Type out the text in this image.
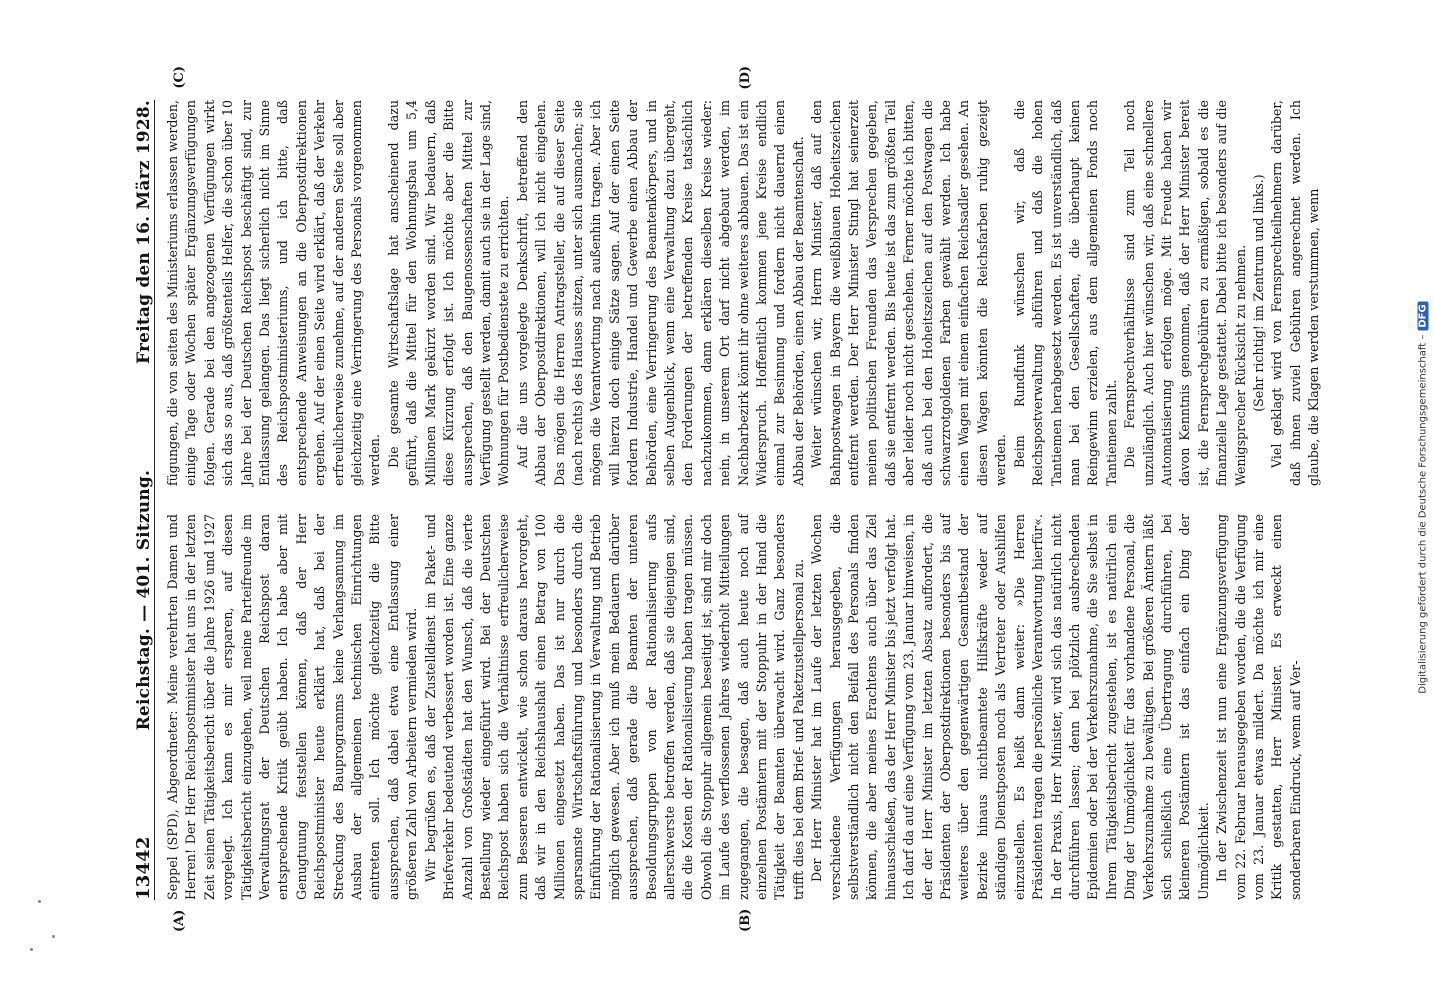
13442
Reichstag. — 401. Sitzung.
Freitag den 16. März 1928.
(A)	(B)
(C)	(D)

Seppel (SPD), Abgeordneter: Meine verehrten Damen und Herren! Der Herr Reichspostminister hat uns in der letzten Zeit seinen Tätigkeitsbericht über die Jahre 1926 und 1927 vorgelegt. Ich kann es mir ersparen, auf diesen Tätigkeitsbericht einzugehen, weil meine Parteifreunde im Verwaltungsrat der Deutschen Reichspost daran entsprechende Kritik geübt haben. Ich habe aber mit Genugtuung feststellen können, daß der Herr Reichspostminister heute erklärt hat, daß bei der Streckung des Bauprogramms keine Verlangsamung im Ausbau der allgemeinen technischen Einrichtungen eintreten soll. Ich möchte gleichzeitig die Bitte aussprechen, daß dabei etwa eine Entlassung einer größeren Zahl von Arbeitern vermieden wird. Wir begrüßen es, daß der Zustelldienst im Paket- und Briefverkehr bedeutend verbessert worden ist. Eine ganze Anzahl von Großstädten hat den Wunsch, daß die vierte Bestellung wieder eingeführt wird. Bei der Deutschen Reichspost haben sich die Verhältnisse erfreulicherweise zum Besseren entwickelt, wie schon daraus hervorgeht, daß wir in den Reichshaushalt einen Betrag von 100 Millionen eingesetzt haben. Das ist nur durch die sparsamste Wirtschaftsführung und besonders durch die Einführung der Rationalisierung in Verwaltung und Betrieb möglich gewesen. Aber ich muß mein Bedauern darüber aussprechen, daß gerade die Beamten der unteren Besoldungsgruppen von der Rationalisierung aufs allerschwerste betroffen werden, daß sie diejenigen sind, die die Kosten der Rationalisierung haben tragen müssen. Obwohl die Stoppuhr allgemein beseitigt ist, sind mir doch im Laufe des verflossenen Jahres wiederholt Mitteilungen zugegangen, die besagen, daß auch heute noch auf einzelnen Postämtern mit der Stoppuhr in der Hand die Tätigkeit der Beamten überwacht wird. Ganz besonders trifft dies bei dem Brief- und Paketzustellpersonal zu. Der Herr Minister hat im Laufe der letzten Wochen verschiedene Verfügungen herausgegeben, die selbstverständlich nicht den Beifall des Personals finden können, die aber meines Erachtens auch über das Ziel hinausschießen, das der Herr Minister bis jetzt verfolgt hat. Ich darf da auf eine Verfügung vom 23. Januar hinweisen, in der der Herr Minister im letzten Absatz auffordert, die Präsidenten der Oberpostdirektionen besonders bis auf weiteres über den gegenwärtigen Gesamtbestand der Bezirke hinaus nichtbeamtete Hilfskräfte weder auf ständigen Dienstposten noch als Vertreter oder Aushilfen einzustellen. Es heißt dann weiter: »Die Herren Präsidenten tragen die persönliche Verantwortung hierfür«. In der Praxis, Herr Minister, wird sich das natürlich nicht durchführen lassen; denn bei plötzlich ausbrechenden Epidemien oder bei der Verkehrszunahme, die Sie selbst in Ihrem Tätigkeitsbericht zugestehen, ist es natürlich ein Ding der Unmöglichkeit für das vorhandene Personal, die Verkehrszunahme zu bewältigen. Bei größeren Ämtern läßt sich schließlich eine Übertragung durchführen, bei kleineren Postämtern ist das einfach ein Ding der Unmöglichkeit. In der Zwischenzeit ist nun eine Ergänzungsverfügung vom 22. Februar herausgegeben worden, die die Verfügung vom 23. Januar etwas mildert. Da möchte ich mir eine Kritik gestatten, Herr Minister. Es erweckt einen sonderbaren Eindruck, wenn auf Ver-

fügungen, die von seiten des Ministeriums erlassen werden, einige Tage oder Wochen später Ergänzungsverfügungen folgen. Gerade bei den angezogenen Verfügungen wirkt sich das so aus, daß größtenteils Helfer, die schon über 10 Jahre bei der Deutschen Reichspost beschäftigt sind, zur Entlassung gelangen. Das liegt sicherlich nicht im Sinne des Reichspostministeriums, und ich bitte, daß entsprechende Anweisungen an die Oberpostdirektionen ergehen. Auf der einen Seite wird erklärt, daß der Verkehr erfreulicherweise zunehme, auf der anderen Seite soll aber gleichzeitig eine Verringerung des Personals vorgenommen werden. Die gesamte Wirtschaftslage hat anscheinend dazu geführt, daß die Mittel für den Wohnungsbau um 5,4 Millionen Mark gekürzt worden sind. Wir bedauern, daß diese Kürzung erfolgt ist. Ich möchte aber die Bitte aussprechen, daß den Baugenossenschaften Mittel zur Verfügung gestellt werden, damit auch sie in der Lage sind, Wohnungen für Postbedienstete zu errichten. Auf die uns vorgelegte Denkschrift, betreffend den Abbau der Oberpostdirektionen, will ich nicht eingehen. Das mögen die Herren Antragsteller, die auf dieser Seite (nach rechts) des Hauses sitzen, unter sich ausmachen; sie mögen die Verantwortung nach außenhin tragen. Aber ich will hierzu doch einige Sätze sagen. Auf der einen Seite fordern Industrie, Handel und Gewerbe einen Abbau der Behörden, eine Verringerung des Beamtenkörpers, und in selben Augenblick, wenn eine Verwaltung dazu übergeht, den Forderungen der betreffenden Kreise tatsächlich nachzukommen, dann erklären dieselben Kreise wieder: nein, in unserem Ort darf nicht abgebaut werden, im Nachbarbezirk könnt ihr ohne weiteres abbauen. Das ist ein Widerspruch. Hoffentlich kommen jene Kreise endlich einmal zur Besinnung und fordern nicht dauernd einen Abbau der Behörden, einen Abbau der Beamtenschaft. Weiter wünschen wir, Herrn Minister, daß auf den Bahnpostwagen in Bayern die weißblauen Hoheitszeichen entfernt werden. Der Herr Minister Stingl hat seinerzeit meinen politischen Freunden das Versprechen gegeben, daß sie entfernt werden. Bis heute ist das zum größten Teil aber leider noch nicht geschehen. Ferner möchte ich bitten, daß auch bei den Hoheitszeichen auf den Postwagen die schwarzrotgoldenen Farben gewählt werden. Ich habe einen Wagen mit einem einfachen Reichsadler gesehen. An diesen Wagen könnten die Reichsfarben ruhig gezeigt werden. Beim Rundfunk wünschen wir, daß die Reichspostverwaltung abführen und daß die hohen Tantiemen herabgesetzt werden. Es ist unverständlich, daß man bei den Gesellschaften, die überhaupt keinen Reingewinn erzielen, aus dem allgemeinen Fonds noch Tantiemen zahlt. Die Fernsprechverhältnisse sind zum Teil noch unzulänglich. Auch hier wünschen wir, daß eine schnellere Automatisierung erfolgen möge. Mit Freude haben wir davon Kenntnis genommen, daß der Herr Minister bereit ist, die Fernsprechgebühren zu ermäßigen, sobald es die finanzielle Lage gestattet. Dabei bitte ich besonders auf die Wenigsprecher Rücksicht zu nehmen. (Sehr richtig! im Zentrum und links.) Viel geklagt wird von Fernsprechteilnehmern darüber, daß ihnen zuviel Gebühren angerechnet werden. Ich glaube, die Klagen werden verstummen, wenn	Digitalisierung gefördert durch die Deutsche Forschungsgemeinschaft –DFG
